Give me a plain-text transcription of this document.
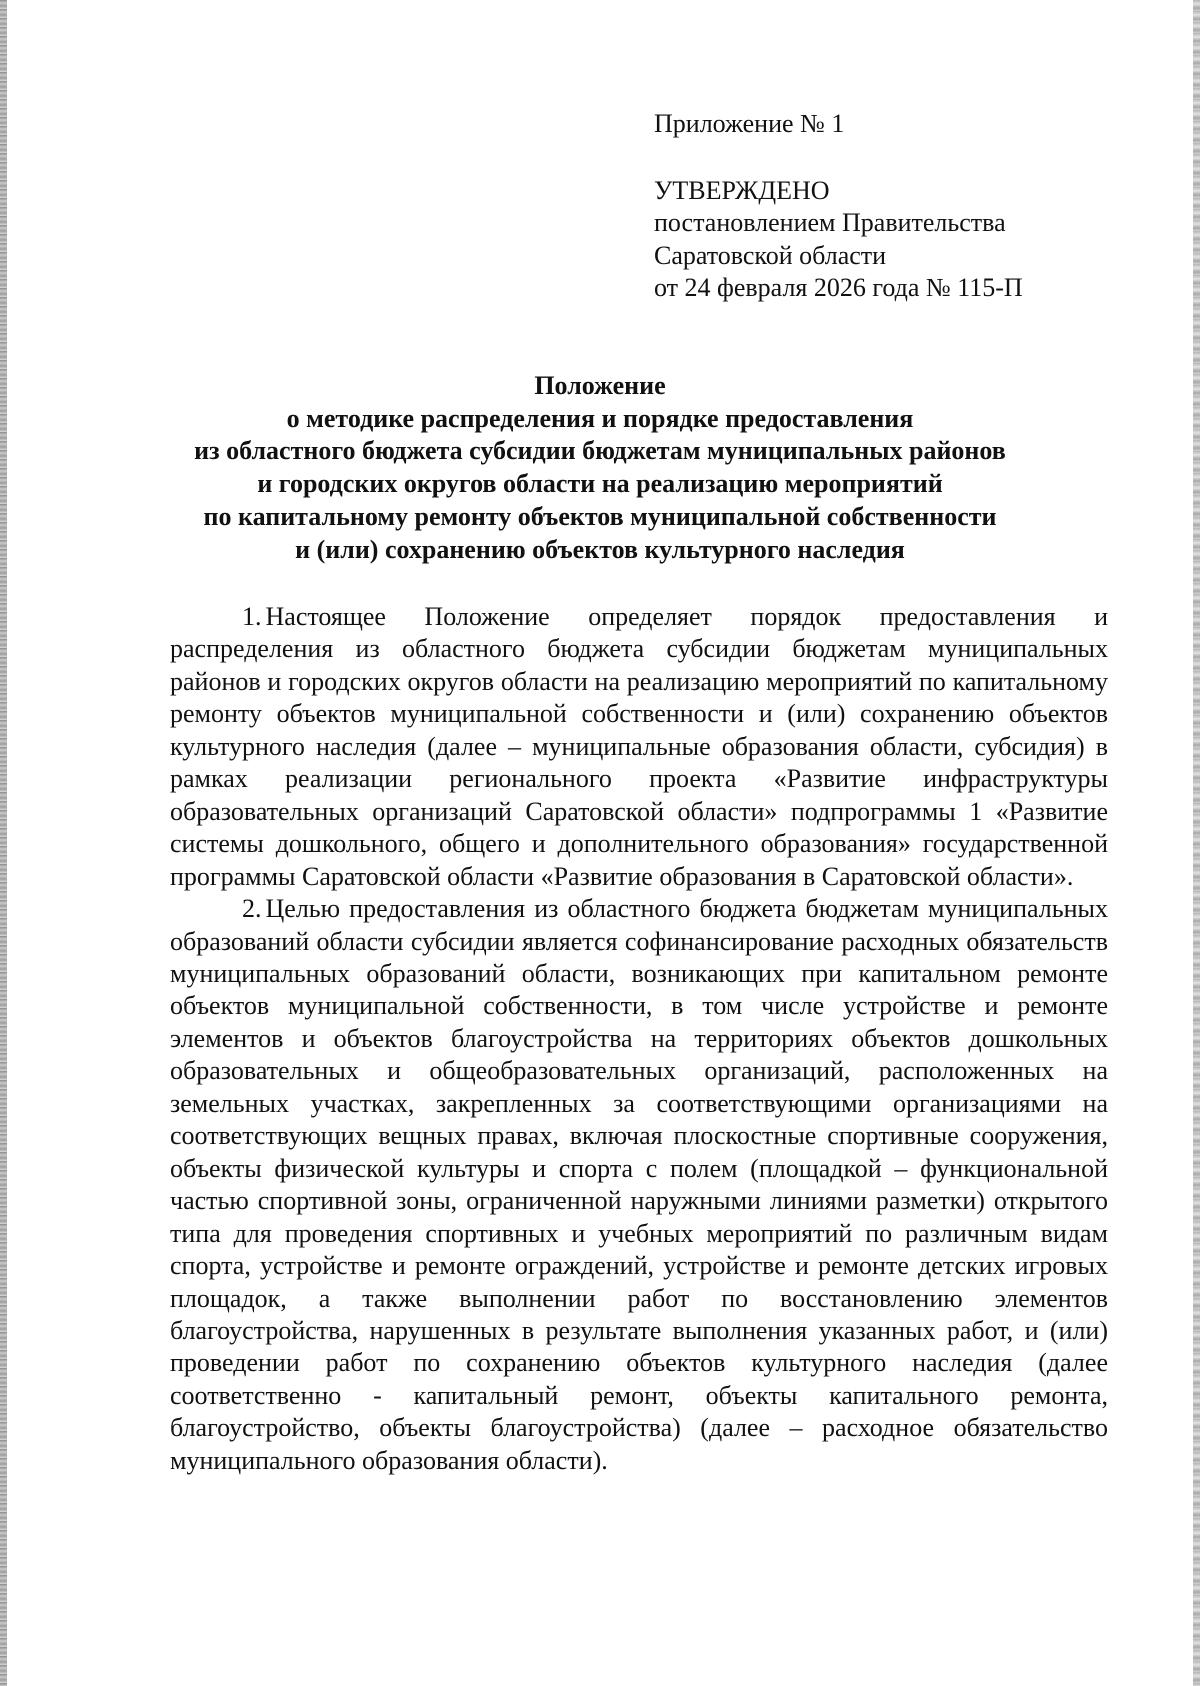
Приложение № 1
УТВЕРЖДЕНО
постановлением Правительства
Саратовской области
от 24 февраля 2026 года № 115-П
Положение
о методике распределения и порядке предоставления
из областного бюджета субсидии бюджетам муниципальных районов
и городских округов области на реализацию мероприятий
по капитальному ремонту объектов муниципальной собственности
и (или) сохранению объектов культурного наследия

1. Настоящее Положение определяет порядок предоставления и распределения из областного бюджета субсидии бюджетам муниципальных районов и городских округов области на реализацию мероприятий по капитальному ремонту объектов муниципальной собственности и (или) сохранению объектов культурного наследия (далее – муниципальные образования области, субсидия) в рамках реализации регионального проекта «Развитие инфраструктуры образовательных организаций Саратовской области» подпрограммы 1 «Развитие системы дошкольного, общего и дополнительного образования» государственной программы Саратовской области «Развитие образования в Саратовской области».

2. Целью предоставления из областного бюджета бюджетам муниципальных образований области субсидии является софинансирование расходных обязательств муниципальных образований области, возникающих при капитальном ремонте объектов муниципальной собственности, в том числе устройстве и ремонте элементов и объектов благоустройства на территориях объектов дошкольных образовательных и общеобразовательных организаций, расположенных на земельных участках, закрепленных за соответствующими организациями на соответствующих вещных правах, включая плоскостные спортивные сооружения, объекты физической культуры и спорта с полем (площадкой – функциональной частью спортивной зоны, ограниченной наружными линиями разметки) открытого типа для проведения спортивных и учебных мероприятий по различным видам спорта, устройстве и ремонте ограждений, устройстве и ремонте детских игровых площадок, а также выполнении работ по восстановлению элементов благоустройства, нарушенных в результате выполнения указанных работ, и (или) проведении работ по сохранению объектов культурного наследия (далее соответственно - капитальный ремонт, объекты капитального ремонта, благоустройство, объекты благоустройства) (далее – расходное обязательство муниципального образования области).
